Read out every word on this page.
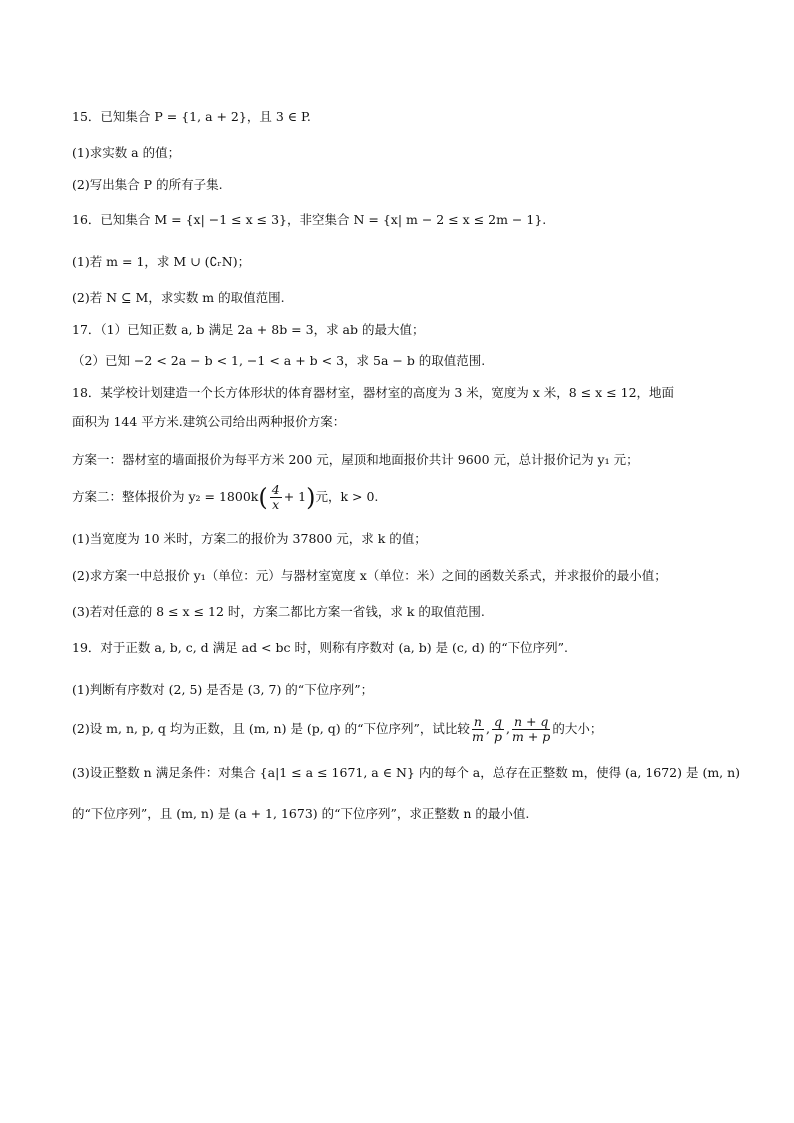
15．已知集合 P = {1, a + 2}，且 3 ∈ P.
(1)求实数 a 的值；
(2)写出集合 P 的所有子集.
16．已知集合 M = {x| −1 ≤ x ≤ 3}，非空集合 N = {x| m − 2 ≤ x ≤ 2m − 1}.
(1)若 m = 1，求 M ∪ (∁ᵣN)；
(2)若 N ⊆ M，求实数 m 的取值范围.
17．（1）已知正数 a, b 满足 2a + 8b = 3，求 ab 的最大值；
（2）已知 −2 < 2a − b < 1, −1 < a + b < 3，求 5a − b 的取值范围.
18．某学校计划建造一个长方体形状的体育器材室，器材室的高度为 3 米，宽度为 x 米，8 ≤ x ≤ 12，地面
面积为 144 平方米.建筑公司给出两种报价方案：
方案一：器材室的墙面报价为每平方米 200 元，屋顶和地面报价共计 9600 元，总计报价记为 y₁ 元；
方案二：整体报价为 $y_2 = 1800k( \frac{4}{x} + 1)$元，k > 0.
(1)当宽度为 10 米时，方案二的报价为 37800 元，求 k 的值；
(2)求方案一中总报价 y₁（单位：元）与器材室宽度 x（单位：米）之间的函数关系式，并求报价的最小值；
(3)若对任意的 8 ≤ x ≤ 12 时，方案二都比方案一省钱，求 k 的取值范围.
19．对于正数 a, b, c, d 满足 ad < bc 时，则称有序数对 (a, b) 是 (c, d) 的“下位序列”.
(1)判断有序数对 (2, 5) 是否是 (3, 7) 的“下位序列”；
(2)设 m, n, p, q 均为正数，且 (m, n) 是 (p, q) 的“下位序列”，试比较 $\frac{n}{m}$ , $\frac{q}{p}$ , $\frac{n + q}{m + p}$ 的大小；
(3)设正整数 n 满足条件：对集合 {a|1 ≤ a ≤ 1671, a ∈ N} 内的每个 a，总存在正整数 m，使得 (a, 1672) 是 (m, n)
的“下位序列”，且 (m, n) 是 (a + 1, 1673) 的“下位序列”，求正整数 n 的最小值.
